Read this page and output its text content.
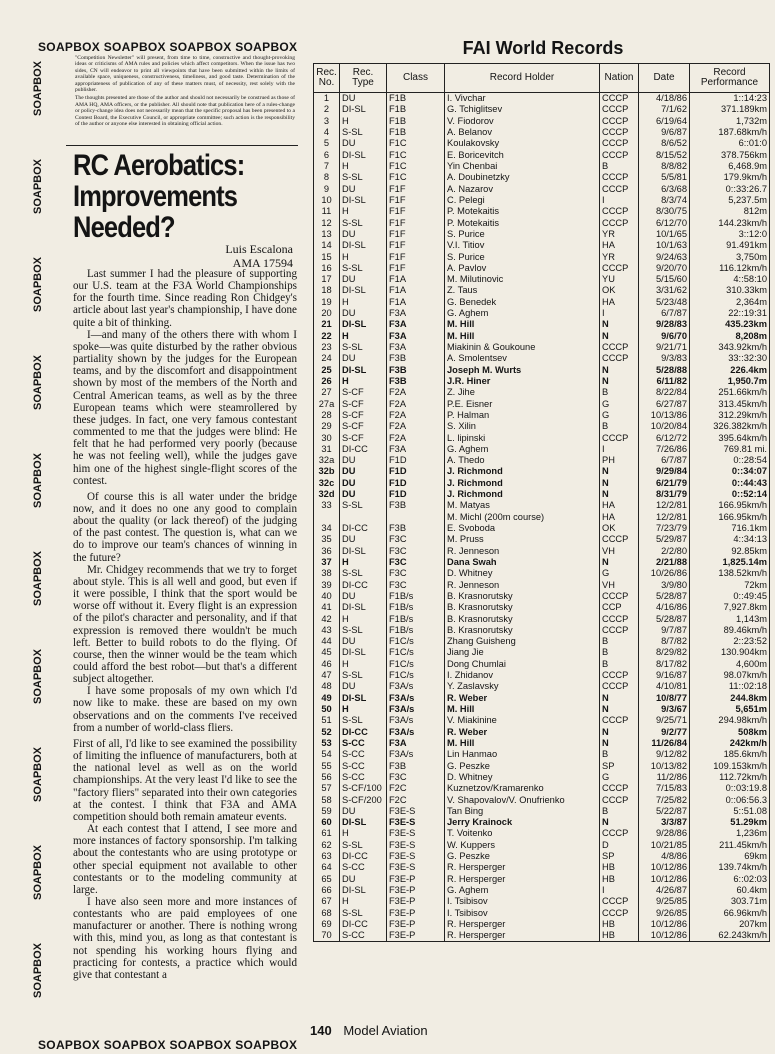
SOAPBOX
SOAPBOX
SOAPBOX
SOAPBOX
SOAPBOX
SOAPBOX
SOAPBOX
SOAPBOX
SOAPBOX
SOAPBOX
SOAPBOX SOAPBOX SOAPBOX SOAPBOX

"Competition Newsletter" will present, from time to time, constructive and thought-provoking ideas or criticisms of AMA rules and policies which affect competitors. When the issue has two sides, CN will endeavor to print all viewpoints that have been submitted within the limits of available space, uniqueness, constructiveness, timeliness, and good taste. Determination of the appropriateness of publication of any of these matters must, of necessity, rest solely with the publisher.

The thoughts presented are those of the author and should not necessarily be construed as those of AMA HQ, AMA officers, or the publisher. All should note that publication here of a rules-change or policy-change idea does not necessarily mean that the specific proposal has been presented to a Contest Board, the Executive Council, or appropriate committee; such action is the responsibility of the author or anyone else interested in obtaining official action.

RC Aerobatics: Improvements Needed?
Luis Escalona
AMA 17594

Last summer I had the pleasure of supporting our U.S. team at the F3A World Championships for the fourth time. Since reading Ron Chidgey's article about last year's championship, I have done quite a bit of thinking.

I—and many of the others there with whom I spoke—was quite disturbed by the rather obvious partiality shown by the judges for the European teams, and by the discomfort and disappointment shown by most of the members of the North and Central American teams, as well as by the three European teams which were steamrollered by these judges. In fact, one very famous contestant commented to me that the judges were blind: He felt that he had performed very poorly (because he was not feeling well), while the judges gave him one of the highest single-flight scores of the contest.

Of course this is all water under the bridge now, and it does no one any good to complain about the quality (or lack thereof) of the judging of the past contest. The question is, what can we do to improve our team's chances of winning in the future?

Mr. Chidgey recommends that we try to forget about style. This is all well and good, but even if it were possible, I think that the sport would be worse off without it. Every flight is an expression of the pilot's character and personality, and if that expression is removed there wouldn't be much left. Better to build robots to do the flying. Of course, then the winner would be the team which could afford the best robot—but that's a different subject altogether.

I have some proposals of my own which I'd now like to make. these are based on my own observations and on the comments I've received from a number of world-class fliers.

First of all, I'd like to see examined the possibility of limiting the influence of manufacturers, both at the national level as well as on the world championships. At the very least I'd like to see the "factory fliers" separated into their own categories at the contest. I think that F3A and AMA competition should both remain amateur events.

At each contest that I attend, I see more and more instances of factory sponsorship. I'm talking about the contestants who are using prototype or other special equipment not available to other contestants or to the modeling community at large.

I have also seen more and more instances of contestants who are paid employees of one manufacturer or another. There is nothing wrong with this, mind you, as long as that contestant is not spending his working hours flying and practicing for contests, a practice which would give that contestant a

SOAPBOX SOAPBOX SOAPBOX SOAPBOX
FAI World Records
Rec. No.	Rec. Type	Class	Record Holder	Nation	Date	Record Performance
1	DU	F1B	I. Vivchar	CCCP	4/18/86	1::14:23
2	DI-SL	F1B	G. Tchiglitsev	CCCP	7/1/62	371.189km
3	H	F1B	V. Fiodorov	CCCP	6/19/64	1,732m
4	S-SL	F1B	A. Belanov	CCCP	9/6/87	187.68km/h
5	DU	F1C	Koulakovsky	CCCP	8/6/52	6::01:0
6	DI-SL	F1C	E. Boricevitch	CCCP	8/15/52	378.756km
7	H	F1C	Yin Chenbai	B	8/8/82	6,468.9m
8	S-SL	F1C	A. Doubinetzky	CCCP	5/5/81	179.9km/h
9	DU	F1F	A. Nazarov	CCCP	6/3/68	0::33:26.7
10	DI-SL	F1F	C. Pelegi	I	8/3/74	5,237.5m
11	H	F1F	P. Motekaitis	CCCP	8/30/75	812m
12	S-SL	F1F	P. Motekaitis	CCCP	6/12/70	144.23km/h
13	DU	F1F	S. Purice	YR	10/1/65	3::12:0
14	DI-SL	F1F	V.I. Titiov	HA	10/1/63	91.491km
15	H	F1F	S. Purice	YR	9/24/63	3,750m
16	S-SL	F1F	A. Pavlov	CCCP	9/20/70	116.12km/h
17	DU	F1A	M. Milutinovic	YU	5/15/60	4::58:10
18	DI-SL	F1A	Z. Taus	OK	3/31/62	310.33km
19	H	F1A	G. Benedek	HA	5/23/48	2,364m
20	DU	F3A	G. Aghem	I	6/7/87	22::19:31
21	DI-SL	F3A	M. Hill	N	9/28/83	435.23km
22	H	F3A	M. Hill	N	9/6/70	8,208m
23	S-SL	F3A	Miakinin & Goukoune	CCCP	9/21/71	343.92km/h
24	DU	F3B	A. Smolentsev	CCCP	9/3/83	33::32:30
25	DI-SL	F3B	Joseph M. Wurts	N	5/28/88	226.4km
26	H	F3B	J.R. Hiner	N	6/11/82	1,950.7m
27	S-CF	F2A	Z. Jihe	B	8/22/84	251.66km/h
27a	S-CF	F2A	P.E. Eisner	G	6/27/87	313.45km/h
28	S-CF	F2A	P. Halman	G	10/13/86	312.29km/h
29	S-CF	F2A	S. Xilin	B	10/20/84	326.382km/h
30	S-CF	F2A	L. lipinski	CCCP	6/12/72	395.64km/h
31	DI-CC	F3A	G. Aghem	I	7/26/86	769.81 mi.
32a	DU	F1D	A. Thedo	PH	6/7/87	0::28:54
32b	DU	F1D	J. Richmond	N	9/29/84	0::34:07
32c	DU	F1D	J. Richmond	N	6/21/79	0::44:43
32d	DU	F1D	J. Richmond	N	8/31/79	0::52:14
33	S-SL	F3B	M. Matyas	HA	12/2/81	166.95km/h
			M. Michl (200m course)	HA	12/2/81	166.95km/h
34	DI-CC	F3B	E. Svoboda	OK	7/23/79	716.1km
35	DU	F3C	M. Pruss	CCCP	5/29/87	4::34:13
36	DI-SL	F3C	R. Jenneson	VH	2/2/80	92.85km
37	H	F3C	Dana Swah	N	2/21/88	1,825.14m
38	S-SL	F3C	D. Whitney	G	10/26/86	138.52km/h
39	DI-CC	F3C	R. Jenneson	VH	3/9/80	72km
40	DU	F1B/s	B. Krasnorutsky	CCCP	5/28/87	0::49:45
41	DI-SL	F1B/s	B. Krasnorutsky	CCP	4/16/86	7,927.8km
42	H	F1B/s	B. Krasnorutsky	CCCP	5/28/87	1,143m
43	S-SL	F1B/s	B. Krasnorutsky	CCCP	9/7/87	89.46km/h
44	DU	F1C/s	Zhang Guisheng	B	8/7/82	2::23:52
45	DI-SL	F1C/s	Jiang Jie	B	8/29/82	130.904km
46	H	F1C/s	Dong Chumlai	B	8/17/82	4,600m
47	S-SL	F1C/s	I. Zhidanov	CCCP	9/16/87	98.07km/h
48	DU	F3A/s	Y. Zaslavsky	CCCP	4/10/81	11::02:18
49	DI-SL	F3A/s	R. Weber	N	10/8/77	244.8km
50	H	F3A/s	M. Hill	N	9/3/67	5,651m
51	S-SL	F3A/s	V. Miakinine	CCCP	9/25/71	294.98km/h
52	DI-CC	F3A/s	R. Weber	N	9/2/77	508km
53	S-CC	F3A	M. Hill	N	11/26/84	242km/h
54	S-CC	F3A/s	Lin Hanmao	B	9/12/82	185.6km/h
55	S-CC	F3B	G. Peszke	SP	10/13/82	109.153km/h
56	S-CC	F3C	D. Whitney	G	11/2/86	112.72km/h
57	S-CF/100	F2C	Kuznetzov/Kramarenko	CCCP	7/15/83	0::03:19.8
58	S-CF/200	F2C	V. Shapovalov/V. Onufrienko	CCCP	7/25/82	0::06:56.3
59	DU	F3E-S	Tan Bing	B	5/22/87	5::51.08
60	DI-SL	F3E-S	Jerry Krainock	N	3/3/87	51.29km
61	H	F3E-S	T. Voitenko	CCCP	9/28/86	1,236m
62	S-SL	F3E-S	W. Kuppers	D	10/21/85	211.45km/h
63	DI-CC	F3E-S	G. Peszke	SP	4/8/86	69km
64	S-CC	F3E-S	R. Hersperger	HB	10/12/86	139.74km/h
65	DU	F3E-P	R. Hersperger	HB	10/12/86	6::02:03
66	DI-SL	F3E-P	G. Aghem	I	4/26/87	60.4km
67	H	F3E-P	I. Tsibisov	CCCP	9/25/85	303.71m
68	S-SL	F3E-P	I. Tsibisov	CCCP	9/26/85	66.96km/h
69	DI-CC	F3E-P	R. Hersperger	HB	10/12/86	207km
70	S-CC	F3E-P	R. Hersperger	HB	10/12/86	62.243km/h
140 Model Aviation
